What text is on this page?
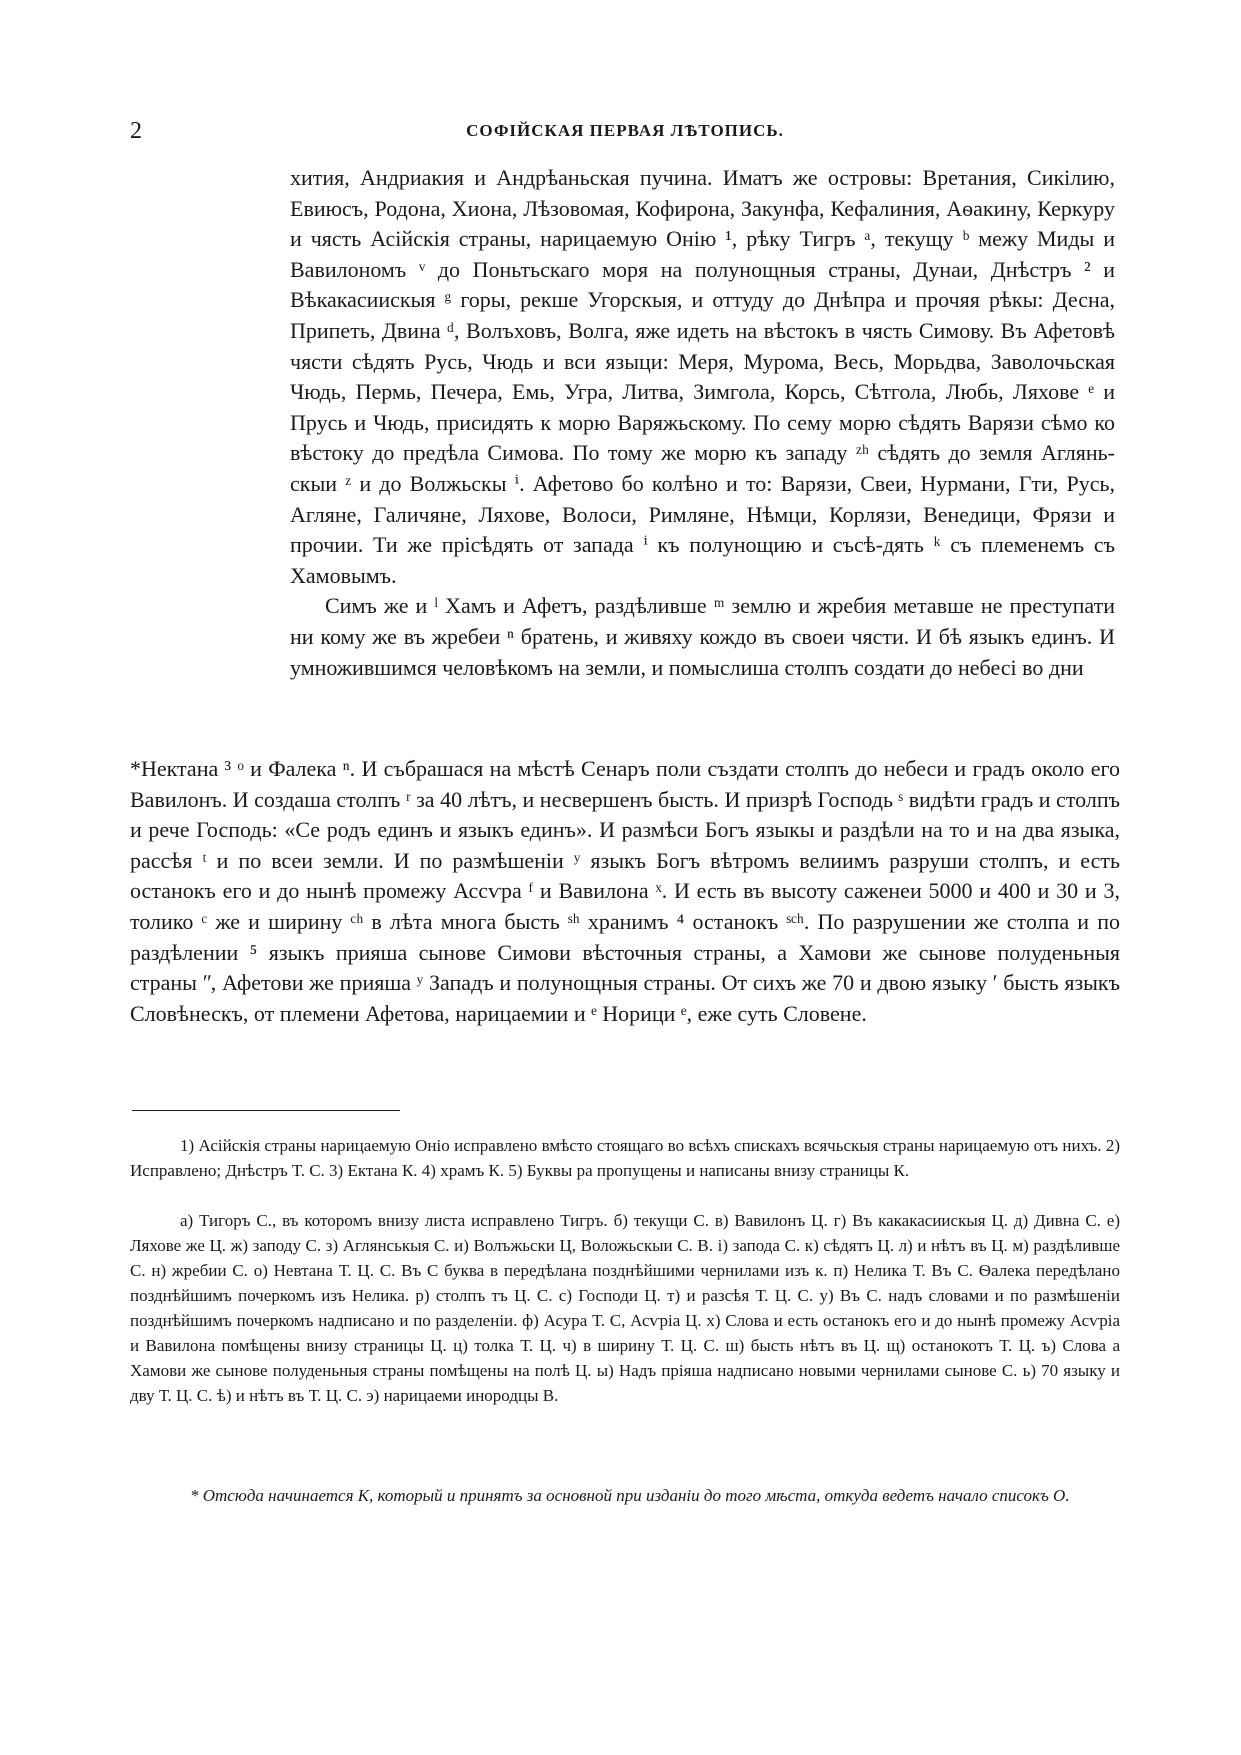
2	СОФІЙСКАЯ ПЕРВАЯ ЛѢТОПИСЬ.

хития, Андриакия и Андрѣаньская пучина. Иматъ же островы: Вретания, Сикілию, Евиюсъ, Родона, Хиона, Лѣзовомая, Кофирона, Закунфа, Кефалиния, Аѳакину, Керкуру и чясть Асійскія страны, нарицаемую Онію ¹, рѣку Тигръ ᵃ, текущу ᵇ межу Миды и Вавилономъ ᵛ до Поньтьскаго моря на полунощныя страны, Дунаи, Днѣстръ ² и Вѣкакасиискыя ᵍ горы, рекше Угорскыя, и оттуду до Днѣпра и прочяя рѣкы: Десна, Припеть, Двина ᵈ, Волъховъ, Волга, яже идеть на вѣстокъ в чясть Симову. Въ Афетовѣ чясти сѣдять Русь, Чюдь и вси языци: Меря, Мурома, Весь, Морьдва, Заволочьская Чюдь, Пермь, Печера, Емь, Угра, Литва, Зимгола, Корсь, Сѣтгола, Любь, Ляхове ᵉ и Прусь и Чюдь, присидять к морю Варяжьскому. По сему морю сѣдять Варязи сѣмо ко вѣстоку до предѣла Симова. По тому же морю къ западу ᶻʰ сѣдять до земля Аглянь-скыи ᶻ и до Волжьскы ⁱ. Афетово бо колѣно и то: Варязи, Свеи, Нурмани, Гти, Русь, Агляне, Галичяне, Ляхове, Волоси, Римляне, Нѣмци, Корлязи, Венедици, Фрязи и прочии. Ти же прісѣдять от запада ⁱ къ полунощию и съсѣ-дять ᵏ съ племенемъ съ Хамовымъ.

Симъ же и ˡ Хамъ и Афетъ, раздѣливше ᵐ землю и жребия метавше не преступати ни кому же въ жребеи ⁿ братень, и живяху кождо въ своеи чясти. И бѣ языкъ единъ. И умножившимся человѣкомъ на земли, и помыслиша столпъ создати до небесі во дни

*Нектана ³ ᵒ и Фалека ⁿ. И събрашася на мѣстѣ Сенаръ поли създати столпъ до небеси и градъ около его Вавилонъ. И создаша столпъ ʳ за 40 лѣтъ, и несвершенъ бысть. И призрѣ Господь ˢ видѣти градъ и столпъ и рече Господь: «Се родъ единъ и языкъ единъ». И размѣси Богъ языкы и раздѣли на то и на два языка, рассѣя ᵗ и по всеи земли. И по размѣшеніи ʸ языкъ Богъ вѣтромъ велиимъ разруши столпъ, и есть останокъ его и до нынѣ промежу Ассѵра ᶠ и Вавилона ˣ. И есть въ высоту саженеи 5000 и 400 и 30 и 3, толико ᶜ же и ширину ᶜʰ в лѣта многа бысть ˢʰ хранимъ ⁴ останокъ ˢᶜʰ. По разрушении же столпа и по раздѣлении ⁵ языкъ прияша сынове Симови вѣсточныя страны, а Хамови же сынове полуденьныя страны ʺ, Афетови же прияша ʸ Западъ и полунощныя страны. От сихъ же 70 и двою языку ʹ бысть языкъ Словѣнескъ, от племени Афетова, нарицаемии и ᵉ Норици ᵉ, еже суть Словене.

1) Асійскія страны нарицаемую Оніо исправлено вмѣсто стоящаго во всѣхъ спискахъ всячьскыя страны нарицаемую отъ нихъ. 2) Исправлено; Днѣстръ Т. С. 3) Ектана К. 4) храмъ К. 5) Буквы ра пропущены и написаны внизу страницы К.

а) Тигоръ С., въ которомъ внизу листа исправлено Тигръ. б) текущи С. в) Вавилонъ Ц. г) Въ какакасиискыя Ц. д) Дивна С. е) Ляхове же Ц. ж) заподу С. з) Аглянськыя С. и) Волъжьски Ц, Воложьскыи С. В. і) запода С. к) сѣдятъ Ц. л) и нѣтъ въ Ц. м) раздѣливше С. н) жребии С. о) Невтана Т. Ц. С. Въ С буква в передѣлана позднѣйшими чернилами изъ к. п) Нелика Т. Въ С. Ѳалека передѣлано позднѣйшимъ почеркомъ изъ Нелика. р) столпъ тъ Ц. С. с) Господи Ц. т) и разсѣя Т. Ц. С. у) Въ С. надъ словами и по размѣшеніи позднѣйшимъ почеркомъ надписано и по разделеніи. ф) Асура Т. С, Асѵріа Ц. х) Слова и есть останокъ его и до нынѣ промежу Асѵріа и Вавилона помѣщены внизу страницы Ц. ц) толка Т. Ц. ч) в ширину Т. Ц. С. ш) бысть нѣтъ въ Ц. щ) останокотъ Т. Ц. ъ) Слова а Хамови же сынове полуденьныя страны помѣщены на полѣ Ц. ы) Надъ пріяша надписано новыми чернилами сынове С. ь) 70 языку и дву Т. Ц. С. ѣ) и нѣтъ въ Т. Ц. С. э) нарицаеми инородцы В.

* Отсюда начинается К, который и принятъ за основной при изданіи до того мѣста, откуда ведетъ начало списокъ О.
